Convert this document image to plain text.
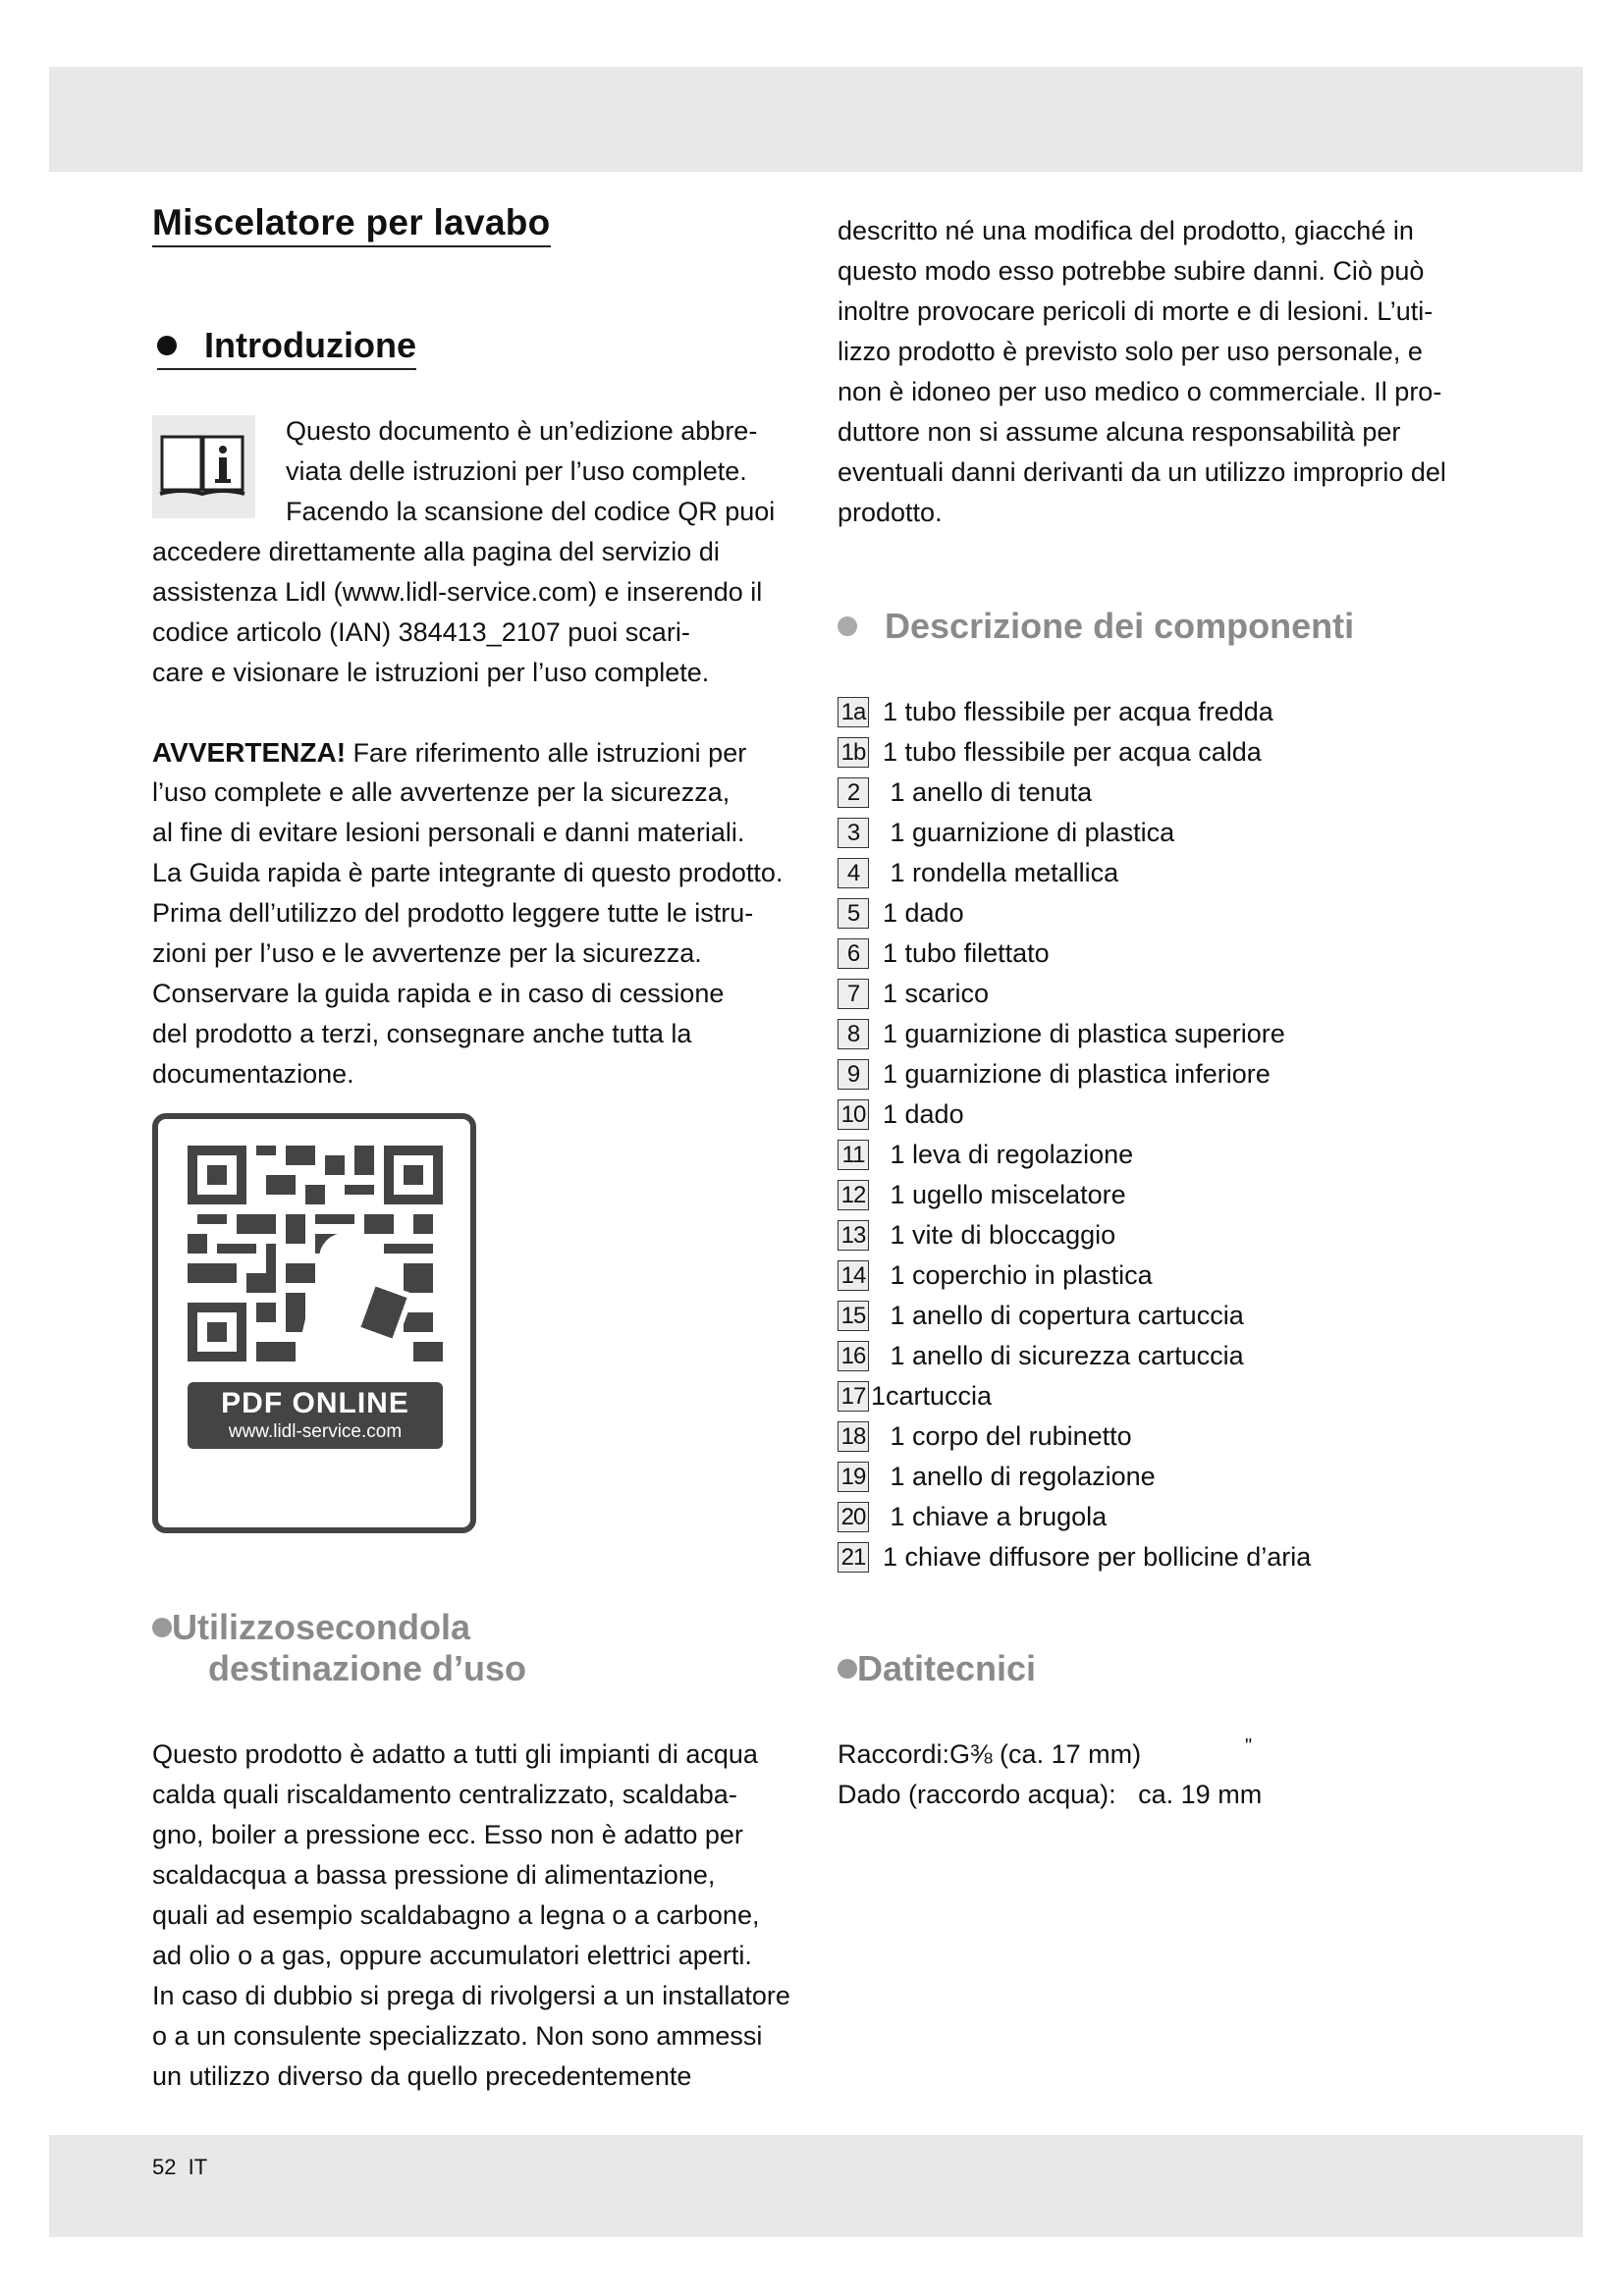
Miscelatore per lavabo
Introduzione
Questo documento è un’edizione abbre-
viata delle istruzioni per l’uso complete.
Facendo la scansione del codice QR puoi
accedere direttamente alla pagina del servizio di
assistenza Lidl (www.lidl-service.com) e inserendo il
codice articolo (IAN) 384413_2107 puoi scari-
care e visionare le istruzioni per l’uso complete.
AVVERTENZA! Fare riferimento alle istruzioni per
l’uso complete e alle avvertenze per la sicurezza,
al fine di evitare lesioni personali e danni materiali.
La Guida rapida è parte integrante di questo prodotto.
Prima dell’utilizzo del prodotto leggere tutte le istru-
zioni per l’uso e le avvertenze per la sicurezza.
Conservare la guida rapida e in caso di cessione
del prodotto a terzi, consegnare anche tutta la
documentazione.
PDF ONLINE
www.lidl-service.com
Utilizzosecondola
destinazione d’uso
Questo prodotto è adatto a tutti gli impianti di acqua
calda quali riscaldamento centralizzato, scaldaba-
gno, boiler a pressione ecc. Esso non è adatto per
scaldacqua a bassa pressione di alimentazione,
quali ad esempio scaldabagno a legna o a carbone,
ad olio o a gas, oppure accumulatori elettrici aperti.
In caso di dubbio si prega di rivolgersi a un installatore
o a un consulente specializzato. Non sono ammessi
un utilizzo diverso da quello precedentemente
descritto né una modifica del prodotto, giacché in
questo modo esso potrebbe subire danni. Ciò può
inoltre provocare pericoli di morte e di lesioni. L’uti-
lizzo prodotto è previsto solo per uso personale, e
non è idoneo per uso medico o commerciale. Il pro-
duttore non si assume alcuna responsabilità per
eventuali danni derivanti da un utilizzo improprio del
prodotto.
Descrizione dei componenti
1a 1 tubo flessibile per acqua fredda
1b 1 tubo flessibile per acqua calda
2 1 anello di tenuta
3 1 guarnizione di plastica
4 1 rondella metallica
5 1 dado
6 1 tubo filettato
7 1 scarico
8 1 guarnizione di plastica superiore
9 1 guarnizione di plastica inferiore
10 1 dado
11 1 leva di regolazione
12 1 ugello miscelatore
13 1 vite di bloccaggio
14 1 coperchio in plastica
15 1 anello di copertura cartuccia
16 1 anello di sicurezza cartuccia
17 1cartuccia
18 1 corpo del rubinetto
19 1 anello di regolazione
20 1 chiave a brugola
21 1 chiave diffusore per bollicine d’aria
Datitecnici
Raccordi:G⅜ (ca. 17 mm)	"
Dado (raccordo acqua):   ca. 19 mm
52 IT
